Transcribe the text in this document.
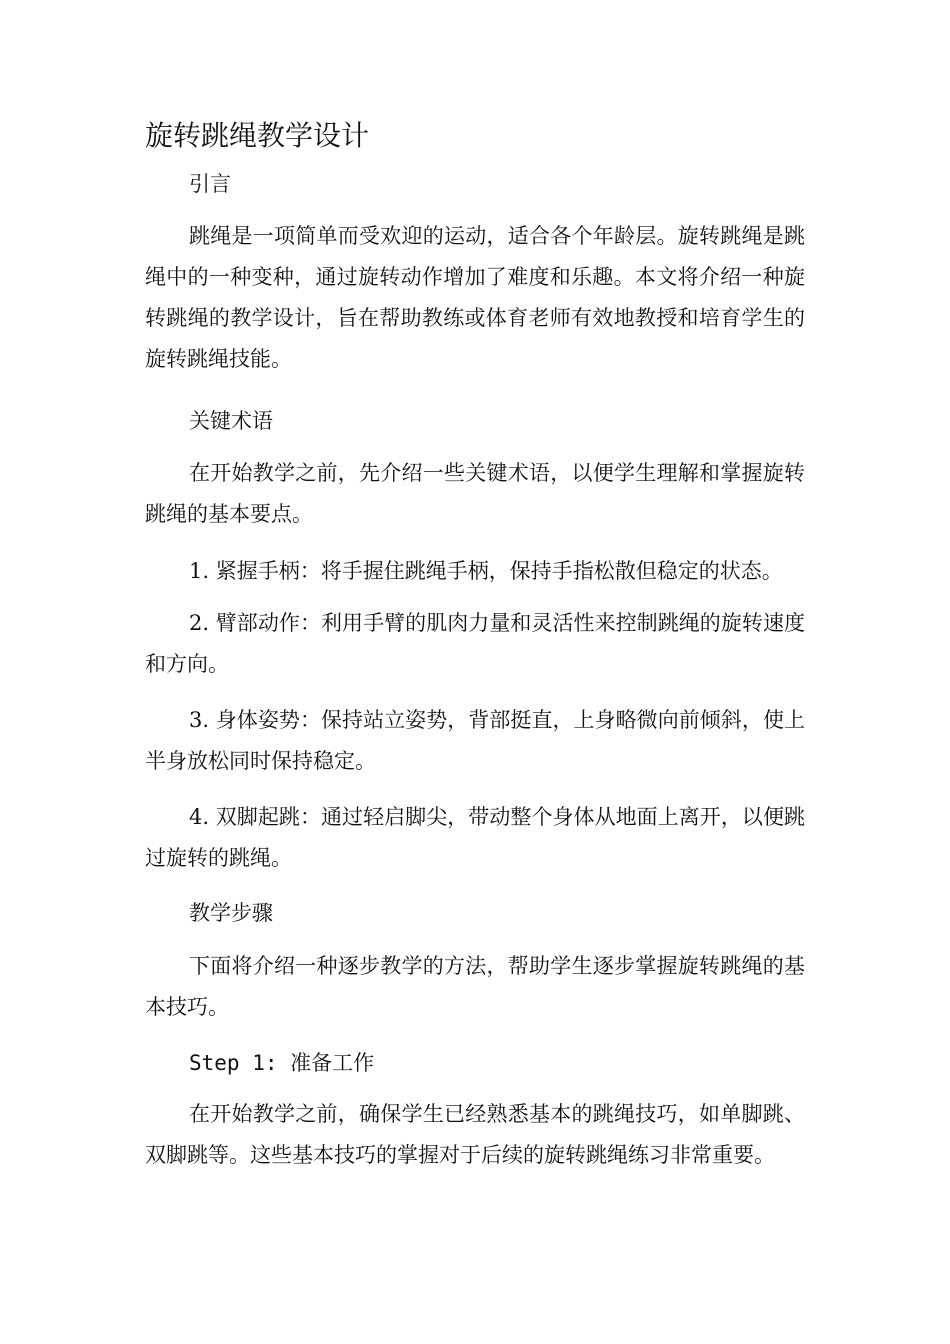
旋转跳绳教学设计

引言

跳绳是一项简单而受欢迎的运动，适合各个年龄层。旋转跳绳是跳绳中的一种变种，通过旋转动作增加了难度和乐趣。本文将介绍一种旋转跳绳的教学设计，旨在帮助教练或体育老师有效地教授和培育学生的旋转跳绳技能。

关键术语

在开始教学之前，先介绍一些关键术语，以便学生理解和掌握旋转跳绳的基本要点。

1. 紧握手柄：将手握住跳绳手柄，保持手指松散但稳定的状态。

2. 臂部动作：利用手臂的肌肉力量和灵活性来控制跳绳的旋转速度和方向。

3. 身体姿势：保持站立姿势，背部挺直，上身略微向前倾斜，使上半身放松同时保持稳定。

4. 双脚起跳：通过轻启脚尖，带动整个身体从地面上离开，以便跳过旋转的跳绳。

教学步骤

下面将介绍一种逐步教学的方法，帮助学生逐步掌握旋转跳绳的基本技巧。

Step 1: 准备工作

在开始教学之前，确保学生已经熟悉基本的跳绳技巧，如单脚跳、双脚跳等。这些基本技巧的掌握对于后续的旋转跳绳练习非常重要。
